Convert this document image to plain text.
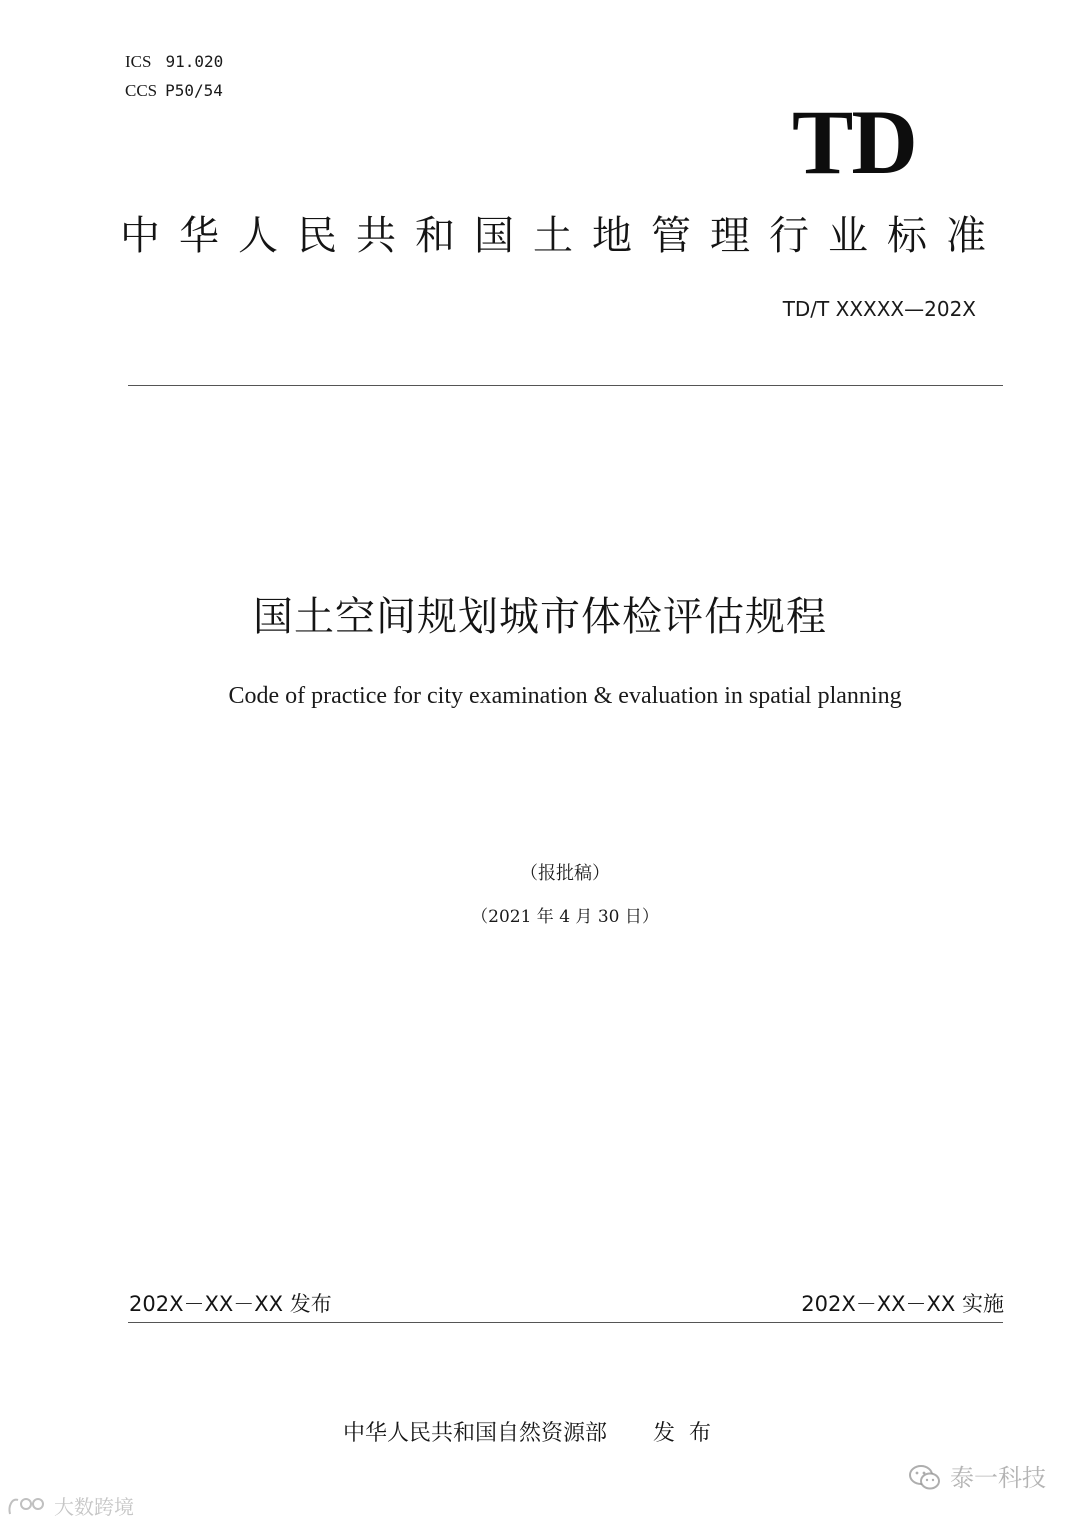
ICS 91.020
CCS P50/54
TD
中华人民共和国土地管理行业标准
TD/T XXXXX—202X
国土空间规划城市体检评估规程
Code of practice for city examination & evaluation in spatial planning
（报批稿）
（2021 年 4 月 30 日）
202X－XX－XX 发布	202X－XX－XX 实施
中华人民共和国自然资源部 发布
大数跨境
泰一科技
